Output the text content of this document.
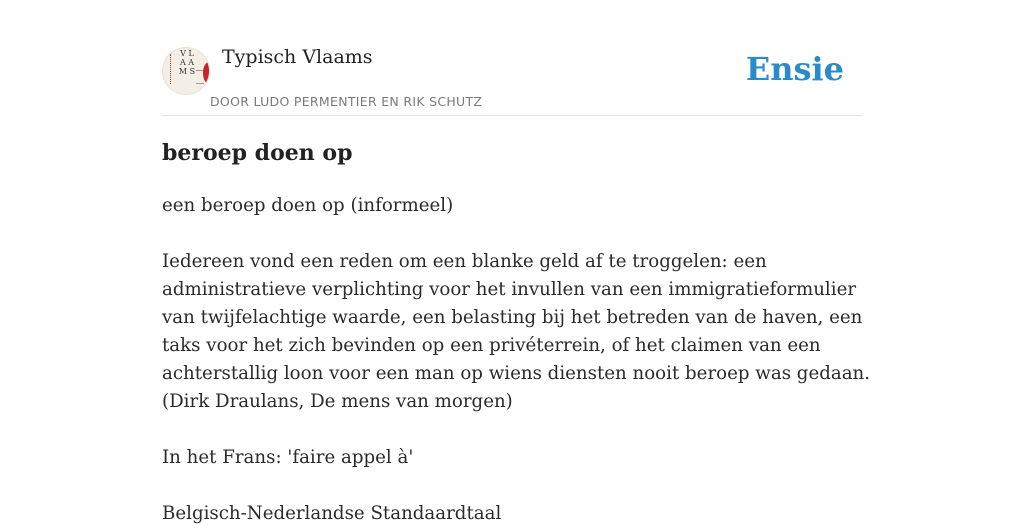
V L A A M S
Typisch Vlaams
DOOR LUDO PERMENTIER EN RIK SCHUTZ
Ensie
beroep doen op

een beroep doen op (informeel)

Iedereen vond een reden om een blanke geld af te troggelen: een administratieve verplichting voor het invullen van een immigratieformulier van twijfelachtige waarde, een belasting bij het betreden van de haven, een taks voor het zich bevinden op een privéterrein, of het claimen van een achterstallig loon voor een man op wiens diensten nooit beroep was gedaan.

(Dirk Draulans, De mens van morgen)

In het Frans: 'faire appel à'

Belgisch-Nederlandse Standaardtaal
